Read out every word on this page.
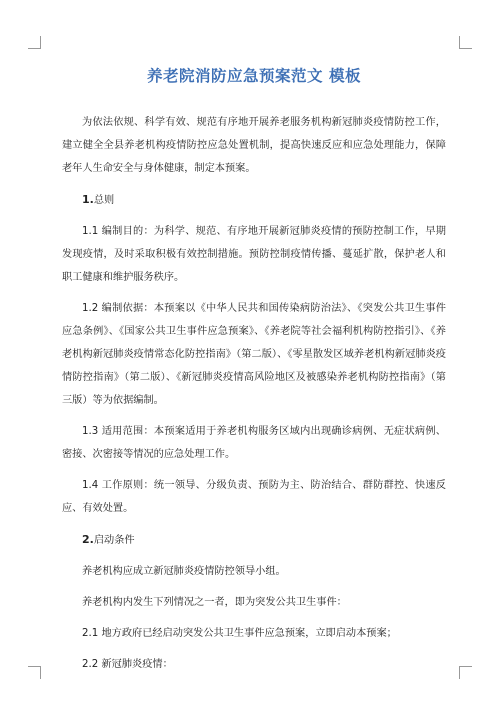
养老院消防应急预案范文 模板

为依法依规、科学有效、规范有序地开展养老服务机构新冠肺炎疫情防控工作，建立健全全县养老机构疫情防控应急处置机制，提高快速反应和应急处理能力，保障老年人生命安全与身体健康，制定本预案。

1.总则

1.1 编制目的：为科学、规范、有序地开展新冠肺炎疫情的预防控制工作，早期发现疫情，及时采取积极有效控制措施。预防控制疫情传播、蔓延扩散，保护老人和职工健康和维护服务秩序。

1.2 编制依据：本预案以《中华人民共和国传染病防治法》、《突发公共卫生事件应急条例》、《国家公共卫生事件应急预案》、《养老院等社会福利机构防控指引》、《养老机构新冠肺炎疫情常态化防控指南》（第二版）、《零星散发区域养老机构新冠肺炎疫情防控指南》（第二版）、《新冠肺炎疫情高风险地区及被感染养老机构防控指南》（第三版）等为依据编制。

1.3 适用范围：本预案适用于养老机构服务区域内出现确诊病例、无症状病例、密接、次密接等情况的应急处理工作。

1.4 工作原则：统一领导、分级负责、预防为主、防治结合、群防群控、快速反应、有效处置。

2.启动条件

养老机构应成立新冠肺炎疫情防控领导小组。

养老机构内发生下列情况之一者，即为突发公共卫生事件：

2.1 地方政府已经启动突发公共卫生事件应急预案，立即启动本预案；

2.2 新冠肺炎疫情：
